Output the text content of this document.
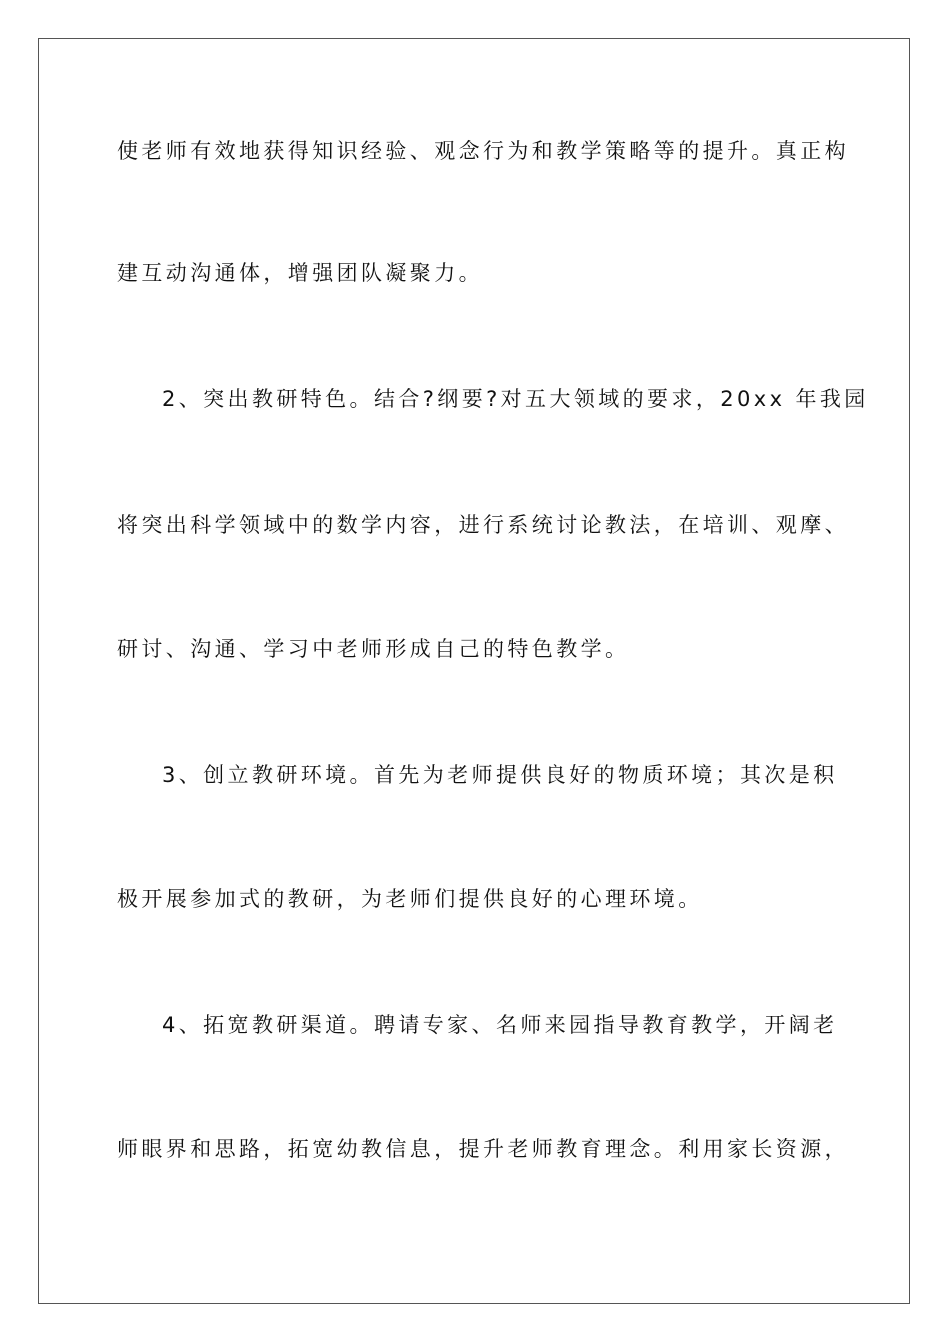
使老师有效地获得知识经验、观念行为和教学策略等的提升。真正构
建互动沟通体，增强团队凝聚力。
2、突出教研特色。结合?纲要?对五大领域的要求，20xx 年我园
将突出科学领域中的数学内容，进行系统讨论教法，在培训、观摩、
研讨、沟通、学习中老师形成自己的特色教学。
3、创立教研环境。首先为老师提供良好的物质环境；其次是积
极开展参加式的教研，为老师们提供良好的心理环境。
4、拓宽教研渠道。聘请专家、名师来园指导教育教学，开阔老
师眼界和思路，拓宽幼教信息，提升老师教育理念。利用家长资源，
